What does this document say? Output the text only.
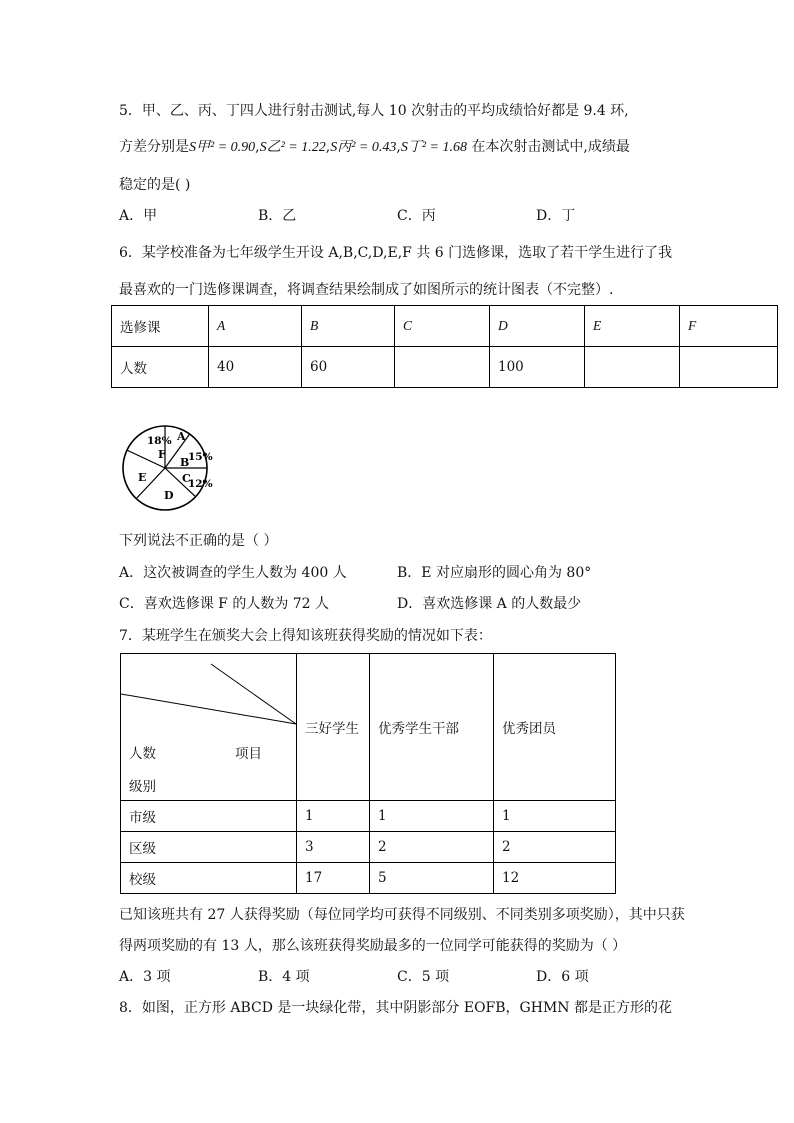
5．甲、乙、丙、丁四人进行射击测试,每人 10 次射击的平均成绩恰好都是 9.4 环,
方差分别是S甲² = 0.90,S乙² = 1.22,S丙² = 0.43,S丁² = 1.68 在本次射击测试中,成绩最
稳定的是( )
A．甲	B．乙	C．丙	D．丁
6．某学校准备为七年级学生开设 A,B,C,D,E,F 共 6 门选修课，选取了若干学生进行了我
最喜欢的一门选修课调查，将调查结果绘制成了如图所示的统计图表（不完整）.
选修课	A	B	C	D	E	F
人数	40	60		100		
A
B
C
D
E
F
18%
15%
12%
下列说法不正确的是（ ）
A．这次被调查的学生人数为 400 人	B．E 对应扇形的圆心角为 80°
C．喜欢选修课 F 的人数为 72 人	D．喜欢选修课 A 的人数最少
7．某班学生在颁奖大会上得知该班获得奖励的情况如下表：
项目
人数
级别	三好学生	优秀学生干部	优秀团员
市级	1	1	1
区级	3	2	2
校级	17	5	12
已知该班共有 27 人获得奖励（每位同学均可获得不同级别、不同类别多项奖励），其中只获
得两项奖励的有 13 人，那么该班获得奖励最多的一位同学可能获得的奖励为（ ）
A．3 项	B．4 项	C．5 项	D．6 项
8．如图，正方形 ABCD 是一块绿化带，其中阴影部分 EOFB，GHMN 都是正方形的花
